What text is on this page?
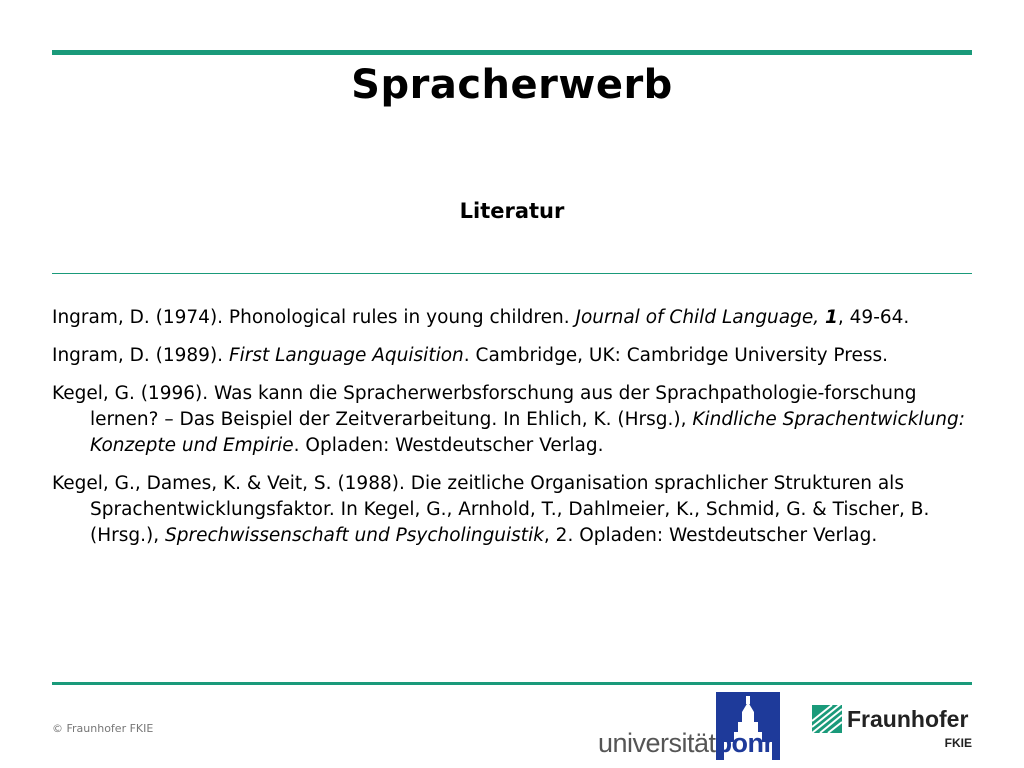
Spracherwerb
Literatur

Ingram, D. (1974). Phonological rules in young children. Journal of Child Language, 1, 49-64.

Ingram, D. (1989). First Language Aquisition. Cambridge, UK: Cambridge University Press.

Kegel, G. (1996). Was kann die Spracherwerbsforschung aus der Sprachpathologie-forschung lernen? – Das Beispiel der Zeitverarbeitung. In Ehlich, K. (Hrsg.), Kindliche Sprachentwicklung: Konzepte und Empirie. Opladen: Westdeutscher Verlag.

Kegel, G., Dames, K. & Veit, S. (1988). Die zeitliche Organisation sprachlicher Strukturen als Sprachentwicklungsfaktor. In Kegel, G., Arnhold, T., Dahlmeier, K., Schmid, G. & Tischer, B. (Hrsg.), Sprechwissenschaft und Psycholinguistik, 2. Opladen: Westdeutscher Verlag.

© Fraunhofer FKIE	universitätbonn
Fraunhofer
FKIE
